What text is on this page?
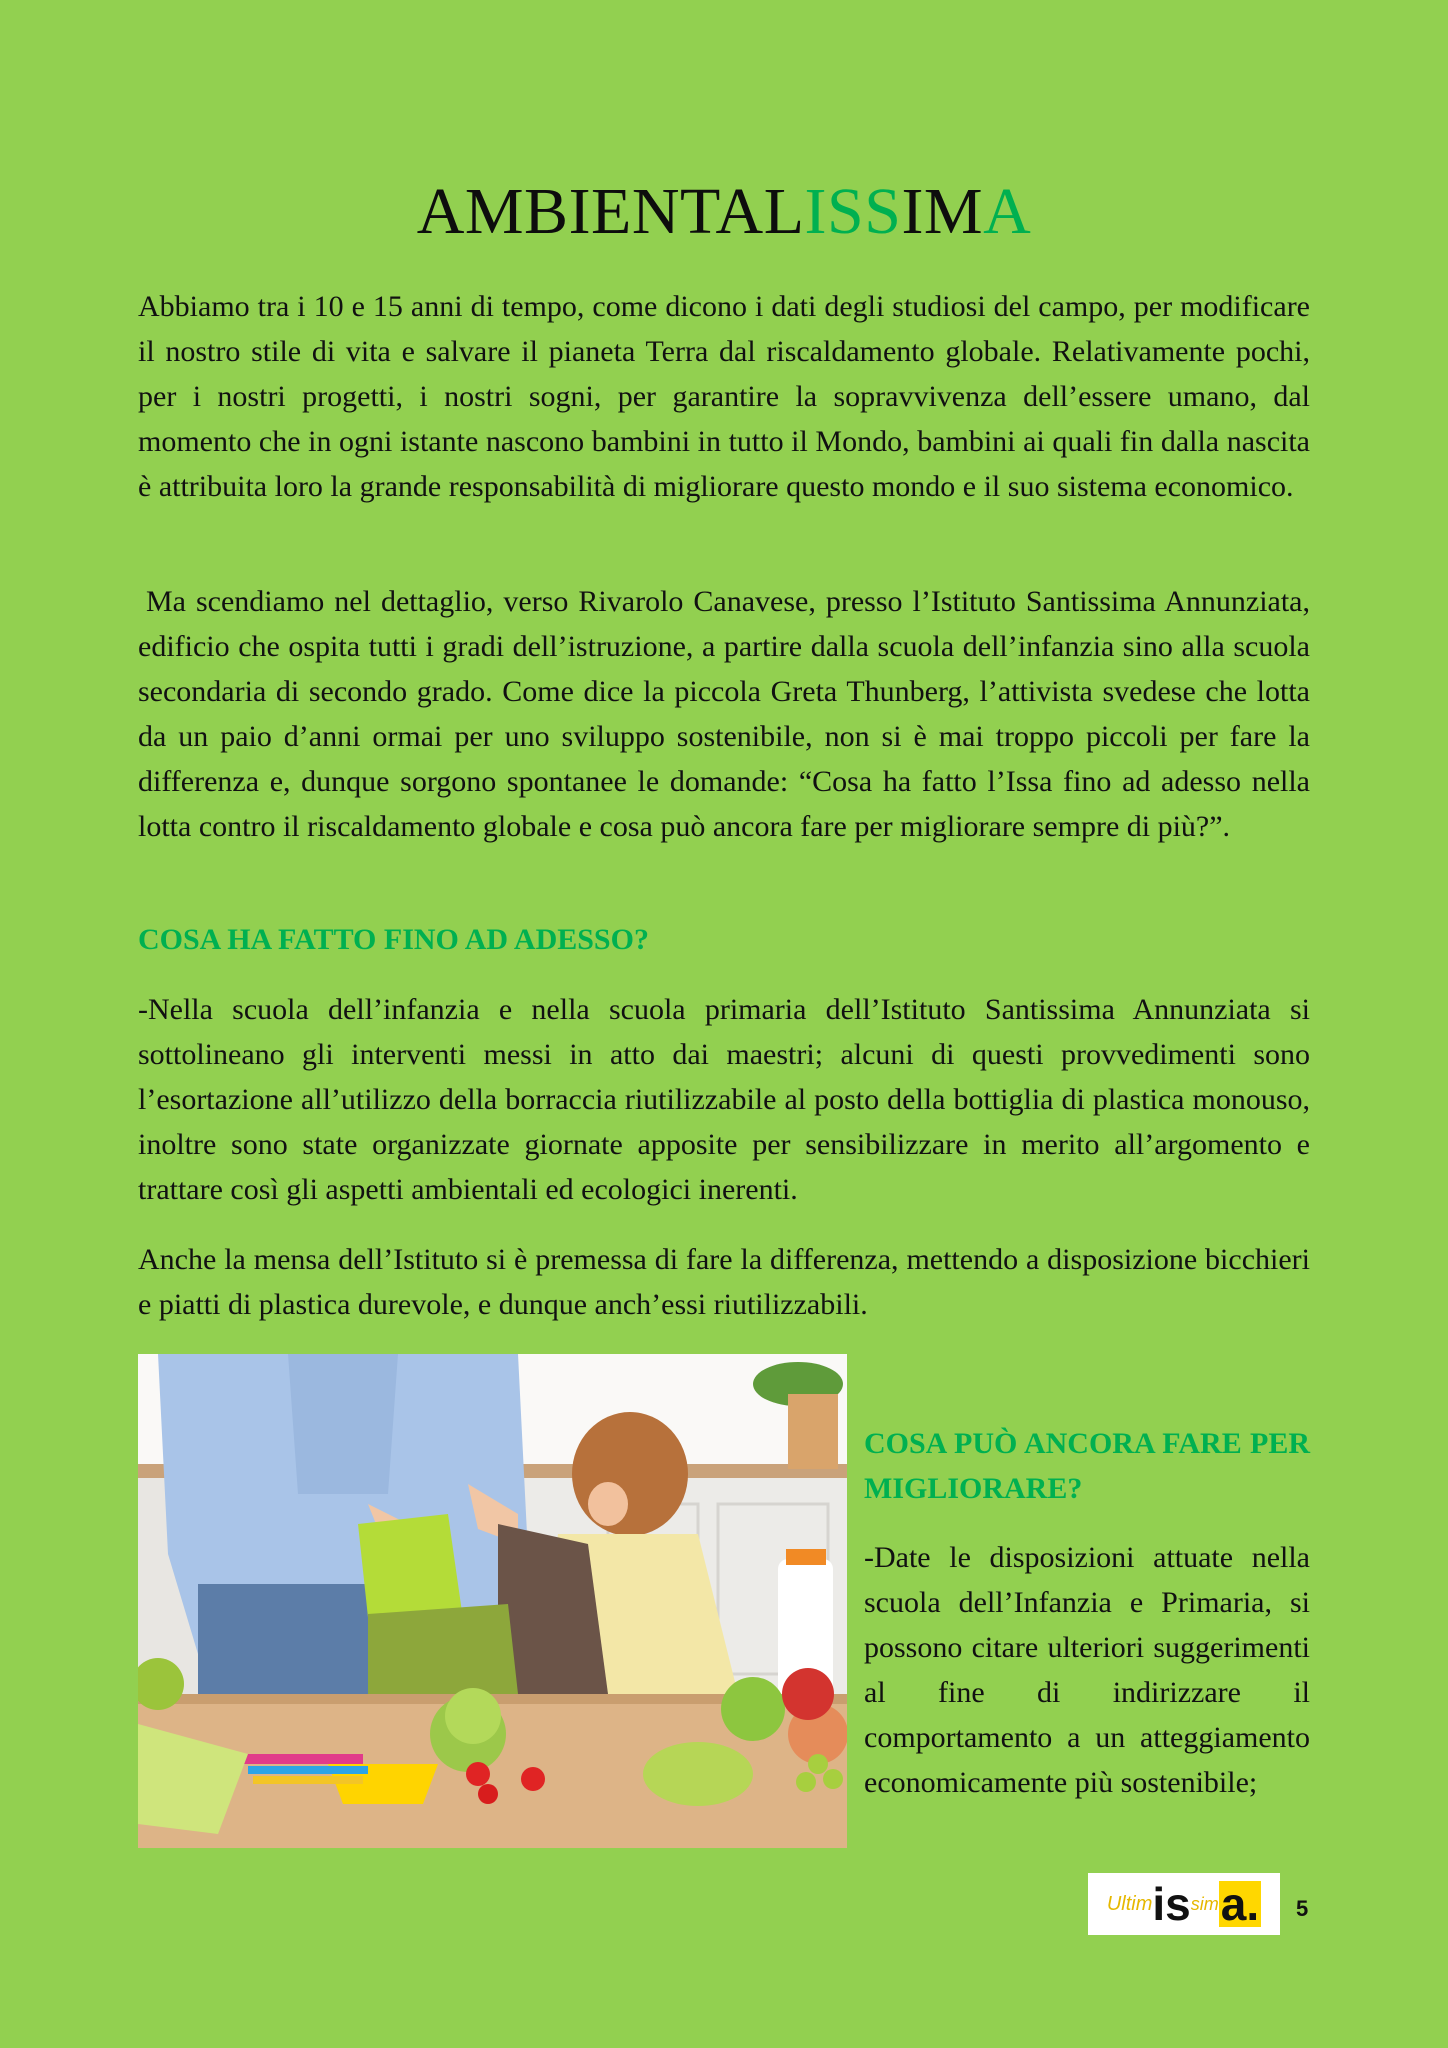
AMBIENTALISSIMA

Abbiamo tra i 10 e 15 anni di tempo, come dicono i dati degli studiosi del campo, per modificare il nostro stile di vita e salvare il pianeta Terra dal riscaldamento globale. Relativamente pochi, per i nostri progetti, i nostri sogni, per garantire la sopravvivenza dell’essere umano, dal momento che in ogni istante nascono bambini in tutto il Mondo, bambini ai quali fin dalla nascita è attribuita loro la grande responsabilità di migliorare questo mondo e il suo sistema economico.

Ma scendiamo nel dettaglio, verso Rivarolo Canavese, presso l’Istituto Santissima Annunziata, edificio che ospita tutti i gradi dell’istruzione, a partire dalla scuola dell’infanzia sino alla scuola secondaria di secondo grado. Come dice la piccola Greta Thunberg, l’attivista svedese che lotta da un paio d’anni ormai per uno sviluppo sostenibile, non si è mai troppo piccoli per fare la differenza e, dunque sorgono spontanee le domande: “Cosa ha fatto l’Issa fino ad adesso nella lotta contro il riscaldamento globale e cosa può ancora fare per migliorare sempre di più?”.

COSA HA FATTO FINO AD ADESSO?

-Nella scuola dell’infanzia e nella scuola primaria dell’Istituto Santissima Annunziata si sottolineano gli interventi messi in atto dai maestri; alcuni di questi provvedimenti sono l’esortazione all’utilizzo della borraccia riutilizzabile al posto della bottiglia di plastica monouso, inoltre sono state organizzate giornate apposite per sensibilizzare in merito all’argomento e trattare così gli aspetti ambientali ed ecologici inerenti.

Anche la mensa dell’Istituto si è premessa di fare la differenza, mettendo a disposizione bicchieri e piatti di plastica durevole, e dunque anch’essi riutilizzabili.

COSA PUÒ ANCORA FARE PER MIGLIORARE?

-Date le disposizioni attuate nella scuola dell’Infanzia e Primaria, si possono citare ulteriori suggerimenti al fine di indirizzare il comportamento a un atteggiamento economicamente più sostenibile;

Ultim is sim a. 5
